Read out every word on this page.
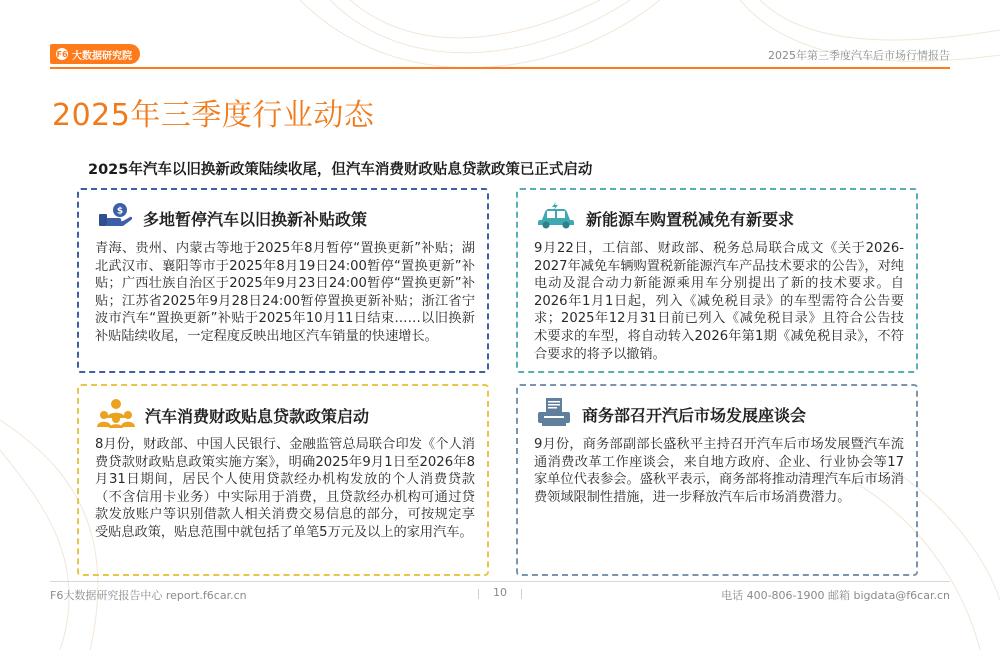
F6 大数据研究院	2025年第三季度汽车后市场行情报告
2025年三季度行业动态
2025年汽车以旧换新政策陆续收尾，但汽车消费财政贴息贷款政策已正式启动
$ 多地暂停汽车以旧换新补贴政策
青海、贵州、内蒙古等地于2025年8月暂停“置换更新”补贴；湖北武汉市、襄阳等市于2025年8月19日24:00暂停“置换更新”补贴；广西壮族自治区于2025年9月23日24:00暂停“置换更新”补贴；江苏省2025年9月28日24:00暂停置换更新补贴；浙江省宁波市汽车“置换更新”补贴于2025年10月11日结束……以旧换新补贴陆续收尾，一定程度反映出地区汽车销量的快速增长。
新能源车购置税减免有新要求
9月22日，工信部、财政部、税务总局联合成文《关于2026-2027年减免车辆购置税新能源汽车产品技术要求的公告》，对纯电动及混合动力新能源乘用车分别提出了新的技术要求。自2026年1月1日起，列入《减免税目录》的车型需符合公告要求；2025年12月31日前已列入《减免税目录》且符合公告技术要求的车型，将自动转入2026年第1期《减免税目录》，不符合要求的将予以撤销。
汽车消费财政贴息贷款政策启动
8月份，财政部、中国人民银行、金融监管总局联合印发《个人消费贷款财政贴息政策实施方案》，明确2025年9月1日至2026年8月31日期间，居民个人使用贷款经办机构发放的个人消费贷款（不含信用卡业务）中实际用于消费，且贷款经办机构可通过贷款发放账户等识别借款人相关消费交易信息的部分，可按规定享受贴息政策，贴息范围中就包括了单笔5万元及以上的家用汽车。
商务部召开汽后市场发展座谈会
9月份，商务部副部长盛秋平主持召开汽车后市场发展暨汽车流通消费改革工作座谈会，来自地方政府、企业、行业协会等17家单位代表参会。盛秋平表示，商务部将推动清理汽车后市场消费领域限制性措施，进一步释放汽车后市场消费潜力。
F6大数据研究报告中心 report.f6car.cn	10	电话 400-806-1900 邮箱 bigdata@f6car.cn
